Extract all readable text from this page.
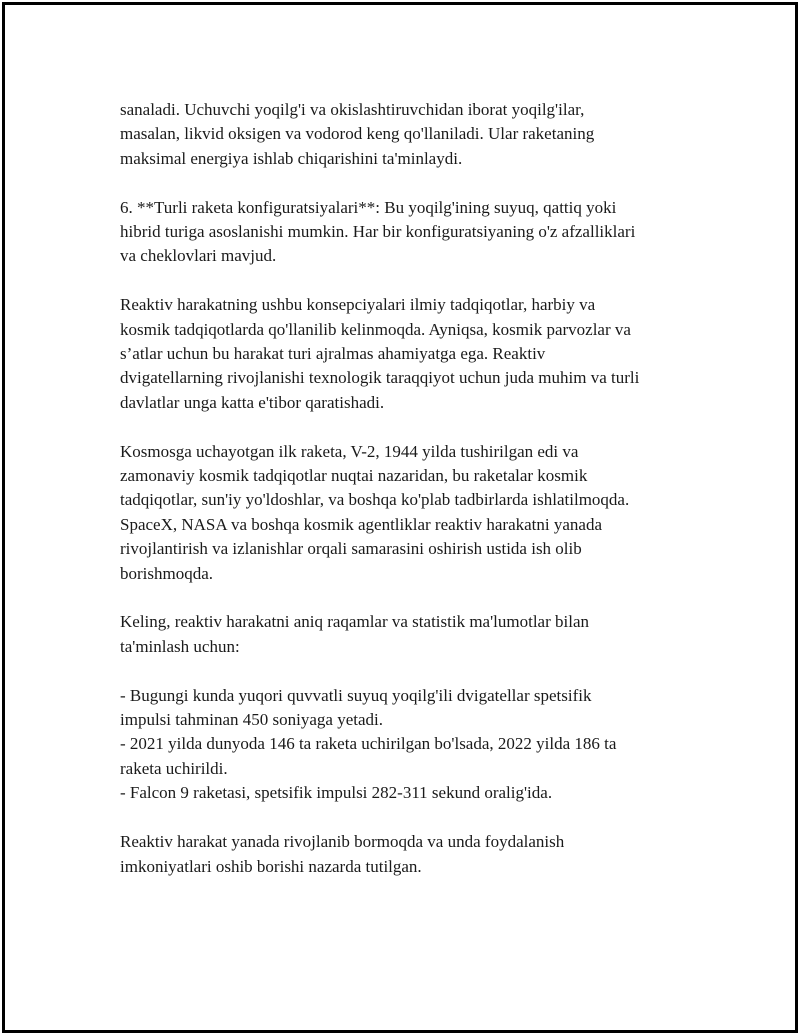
sanaladi. Uchuvchi yoqilg'i va okislashtiruvchidan iborat yoqilg'ilar,
masalan, likvid oksigen va vodorod keng qo'llaniladi. Ular raketaning
maksimal energiya ishlab chiqarishini ta'minlaydi.

6. **Turli raketa konfiguratsiyalari**: Bu yoqilg'ining suyuq, qattiq yoki
hibrid turiga asoslanishi mumkin. Har bir konfiguratsiyaning o'z afzalliklari
va cheklovlari mavjud.

Reaktiv harakatning ushbu konsepciyalari ilmiy tadqiqotlar, harbiy va
kosmik tadqiqotlarda qo'llanilib kelinmoqda. Ayniqsa, kosmik parvozlar va
s’atlar uchun bu harakat turi ajralmas ahamiyatga ega. Reaktiv
dvigatellarning rivojlanishi texnologik taraqqiyot uchun juda muhim va turli
davlatlar unga katta e'tibor qaratishadi.

Kosmosga uchayotgan ilk raketa, V-2, 1944 yilda tushirilgan edi va
zamonaviy kosmik tadqiqotlar nuqtai nazaridan, bu raketalar kosmik
tadqiqotlar, sun'iy yo'ldoshlar, va boshqa ko'plab tadbirlarda ishlatilmoqda.
SpaceX, NASA va boshqa kosmik agentliklar reaktiv harakatni yanada
rivojlantirish va izlanishlar orqali samarasini oshirish ustida ish olib
borishmoqda.

Keling, reaktiv harakatni aniq raqamlar va statistik ma'lumotlar bilan
ta'minlash uchun:

- Bugungi kunda yuqori quvvatli suyuq yoqilg'ili dvigatellar spetsifik
impulsi tahminan 450 soniyaga yetadi.

- 2021 yilda dunyoda 146 ta raketa uchirilgan bo'lsada, 2022 yilda 186 ta
raketa uchirildi.

- Falcon 9 raketasi, spetsifik impulsi 282-311 sekund oralig'ida.

Reaktiv harakat yanada rivojlanib bormoqda va unda foydalanish
imkoniyatlari oshib borishi nazarda tutilgan.
